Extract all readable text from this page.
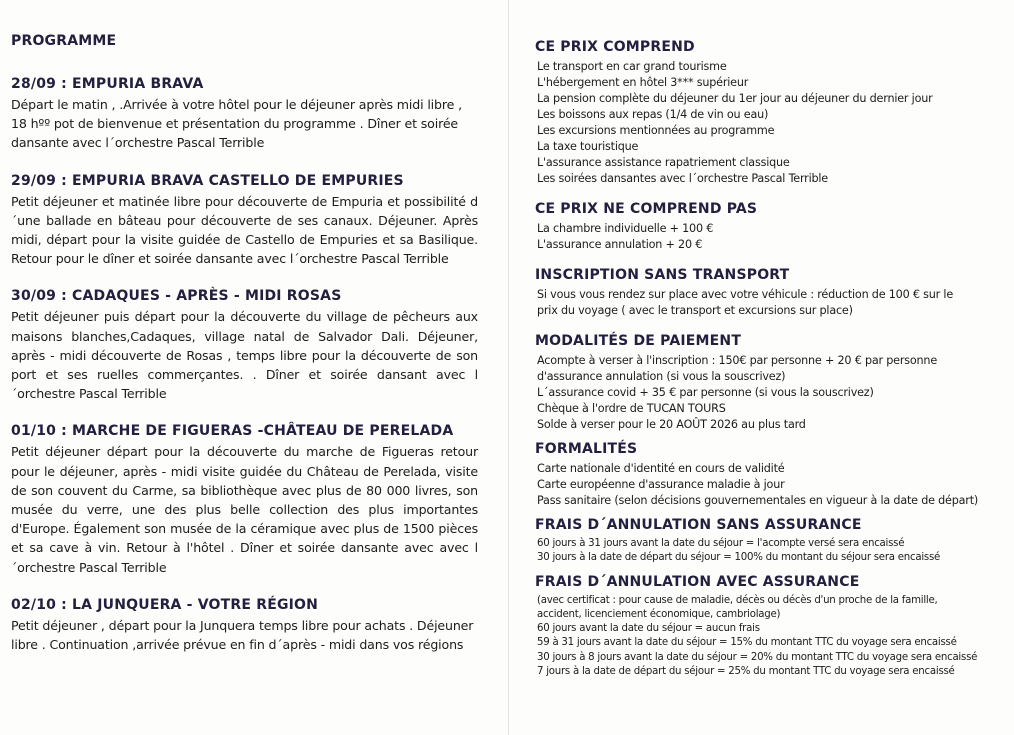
PROGRAMME
28/09 : EMPURIA BRAVA

Départ le matin , .Arrivée à votre hôtel pour le déjeuner après midi libre , 18 hºº pot de bienvenue et présentation du programme . Dîner et soirée dansante avec l´orchestre Pascal Terrible

29/09 : EMPURIA BRAVA CASTELLO DE EMPURIES

Petit déjeuner et matinée libre pour découverte de Empuria et possibilité d´une ballade en bâteau pour découverte de ses canaux. Déjeuner. Après midi, départ pour la visite guidée de Castello de Empuries et sa Basilique. Retour pour le dîner et soirée dansante avec l´orchestre Pascal Terrible

30/09 : CADAQUES - APRÈS - MIDI ROSAS

Petit déjeuner puis départ pour la découverte du village de pêcheurs aux maisons blanches,Cadaques, village natal de Salvador Dali. Déjeuner, après - midi découverte de Rosas , temps libre pour la découverte de son port et ses ruelles commerçantes. . Dîner et soirée dansant avec l´orchestre Pascal Terrible

01/10 : MARCHE DE FIGUERAS -CHÂTEAU DE PERELADA

Petit déjeuner départ pour la découverte du marche de Figueras retour pour le déjeuner, après - midi visite guidée du Château de Perelada, visite de son couvent du Carme, sa bibliothèque avec plus de 80 000 livres, son musée du verre, une des plus belle collection des plus importantes d'Europe. Également son musée de la céramique avec plus de 1500 pièces et sa cave à vin. Retour à l'hôtel . Dîner et soirée dansante avec avec l´orchestre Pascal Terrible

02/10 : LA JUNQUERA - VOTRE RÉGION

Petit déjeuner , départ pour la Junquera temps libre pour achats . Déjeuner libre . Continuation ,arrivée prévue en fin d´après - midi dans vos régions

CE PRIX COMPREND
Le transport en car grand tourisme
L'hébergement en hôtel 3*** supérieur
La pension complète du déjeuner du 1er jour au déjeuner du dernier jour
Les boissons aux repas (1/4 de vin ou eau)
Les excursions mentionnées au programme
La taxe touristique
L'assurance assistance rapatriement classique
Les soirées dansantes avec l´orchestre Pascal Terrible
CE PRIX NE COMPREND PAS
La chambre individuelle + 100 €
L'assurance annulation + 20 €
INSCRIPTION SANS TRANSPORT
Si vous vous rendez sur place avec votre véhicule : réduction de 100 € sur le
prix du voyage ( avec le transport et excursions sur place)
MODALITÉS DE PAIEMENT
Acompte à verser à l'inscription : 150€ par personne + 20 € par personne
d'assurance annulation (si vous la souscrivez)
L´assurance covid + 35 € par personne (si vous la souscrivez)
Chèque à l'ordre de TUCAN TOURS
Solde à verser pour le 20 AOÛT 2026 au plus tard
FORMALITÉS
Carte nationale d'identité en cours de validité
Carte européenne d'assurance maladie à jour
Pass sanitaire (selon décisions gouvernementales en vigueur à la date de départ)
FRAIS D´ANNULATION SANS ASSURANCE
60 jours à 31 jours avant la date du séjour = l'acompte versé sera encaissé
30 jours à la date de départ du séjour = 100% du montant du séjour sera encaissé
FRAIS D´ANNULATION AVEC ASSURANCE
(avec certificat : pour cause de maladie, décès ou décès d'un proche de la famille,
accident, licenciement économique, cambriolage)
60 jours avant la date du séjour = aucun frais
59 à 31 jours avant la date du séjour = 15% du montant TTC du voyage sera encaissé
30 jours à 8 jours avant la date du séjour = 20% du montant TTC du voyage sera encaissé
7 jours à la date de départ du séjour = 25% du montant TTC du voyage sera encaissé
